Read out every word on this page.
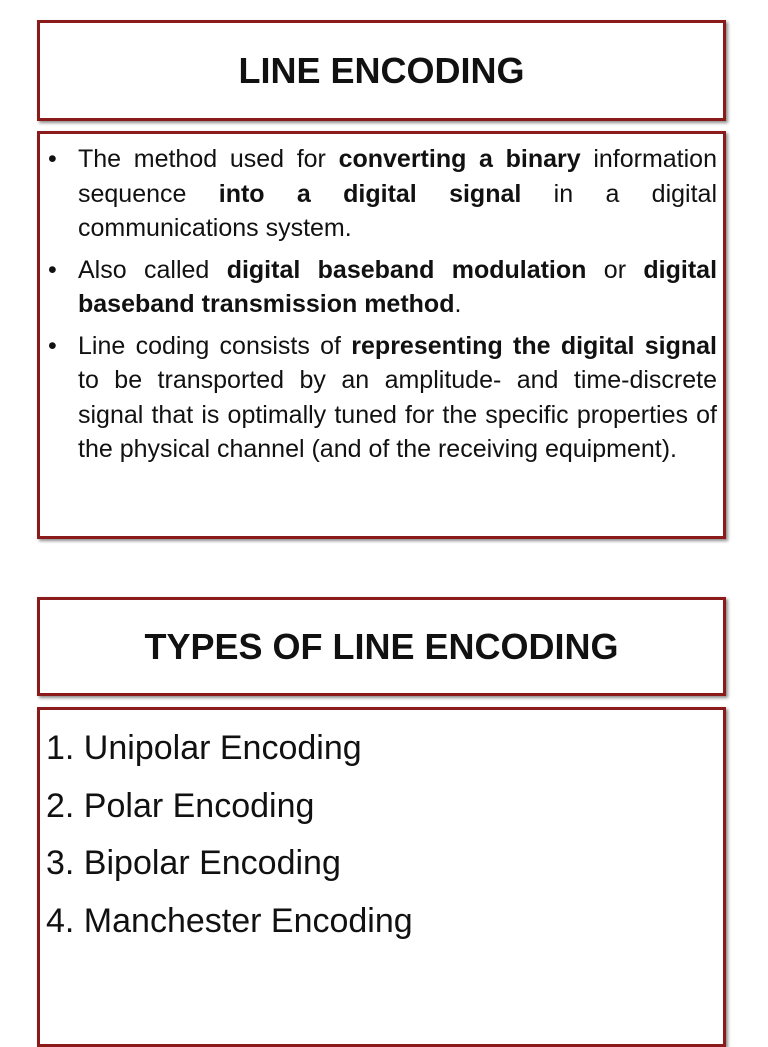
LINE ENCODING
• The method used for converting a binary information sequence into a digital signal in a digital communications system.
• Also called digital baseband modulation or digital baseband transmission method.
• Line coding consists of representing the digital signal to be transported by an amplitude- and time-discrete signal that is optimally tuned for the specific properties of the physical channel (and of the receiving equipment).
TYPES OF LINE ENCODING
1. Unipolar Encoding
2. Polar Encoding
3. Bipolar Encoding
4. Manchester Encoding
